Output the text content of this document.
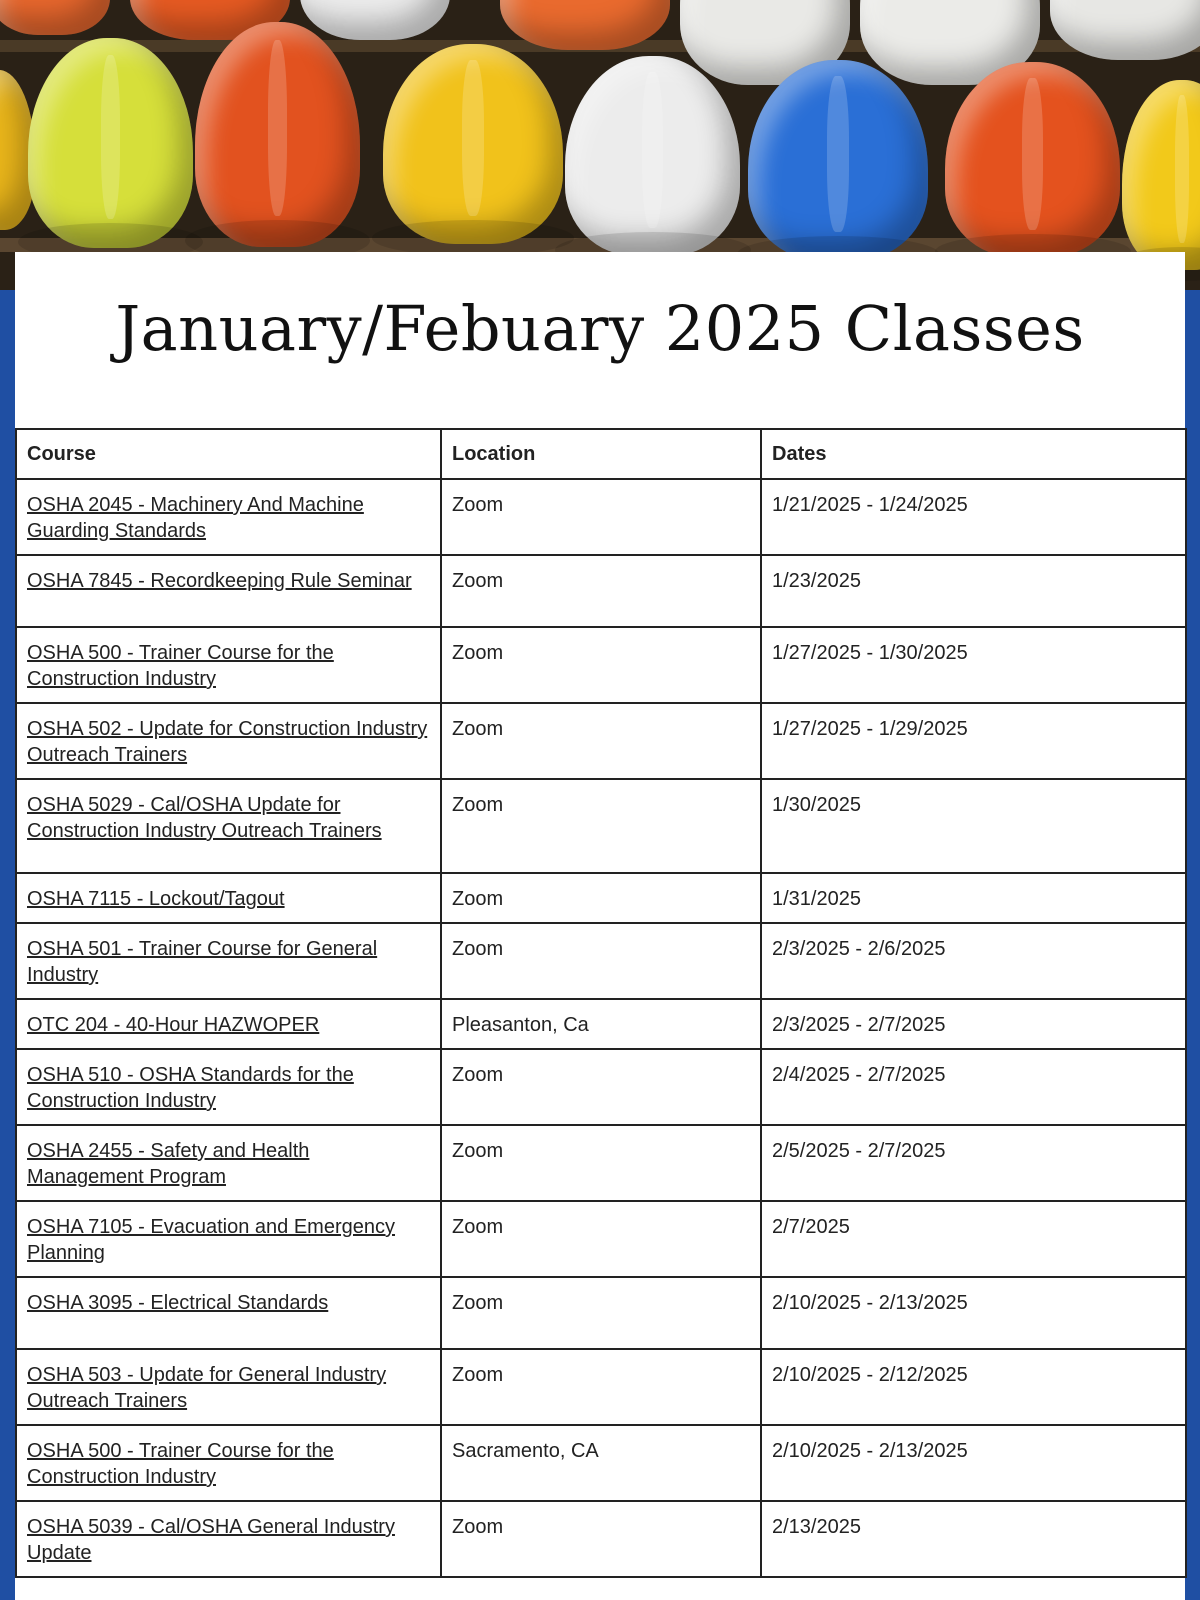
January/Febuary 2025 Classes
Course	Location	Dates
OSHA 2045 - Machinery And Machine Guarding Standards	Zoom	1/21/2025 - 1/24/2025
OSHA 7845 - Recordkeeping Rule Seminar	Zoom	1/23/2025
OSHA 500 - Trainer Course for the Construction Industry	Zoom	1/27/2025 - 1/30/2025
OSHA 502 - Update for Construction Industry Outreach Trainers	Zoom	1/27/2025 - 1/29/2025
OSHA 5029 - Cal/OSHA Update for Construction Industry Outreach Trainers	Zoom	1/30/2025
OSHA 7115 - Lockout/Tagout	Zoom	1/31/2025
OSHA 501 - Trainer Course for General Industry	Zoom	2/3/2025 - 2/6/2025
OTC 204 - 40-Hour HAZWOPER	Pleasanton, Ca	2/3/2025 - 2/7/2025
OSHA 510 - OSHA Standards for the Construction Industry	Zoom	2/4/2025 - 2/7/2025
OSHA 2455 - Safety and Health Management Program	Zoom	2/5/2025 - 2/7/2025
OSHA 7105 - Evacuation and Emergency Planning	Zoom	2/7/2025
OSHA 3095 - Electrical Standards	Zoom	2/10/2025 - 2/13/2025
OSHA 503 - Update for General Industry Outreach Trainers	Zoom	2/10/2025 - 2/12/2025
OSHA 500 - Trainer Course for the Construction Industry	Sacramento, CA	2/10/2025 - 2/13/2025
OSHA 5039 - Cal/OSHA General Industry Update	Zoom	2/13/2025
